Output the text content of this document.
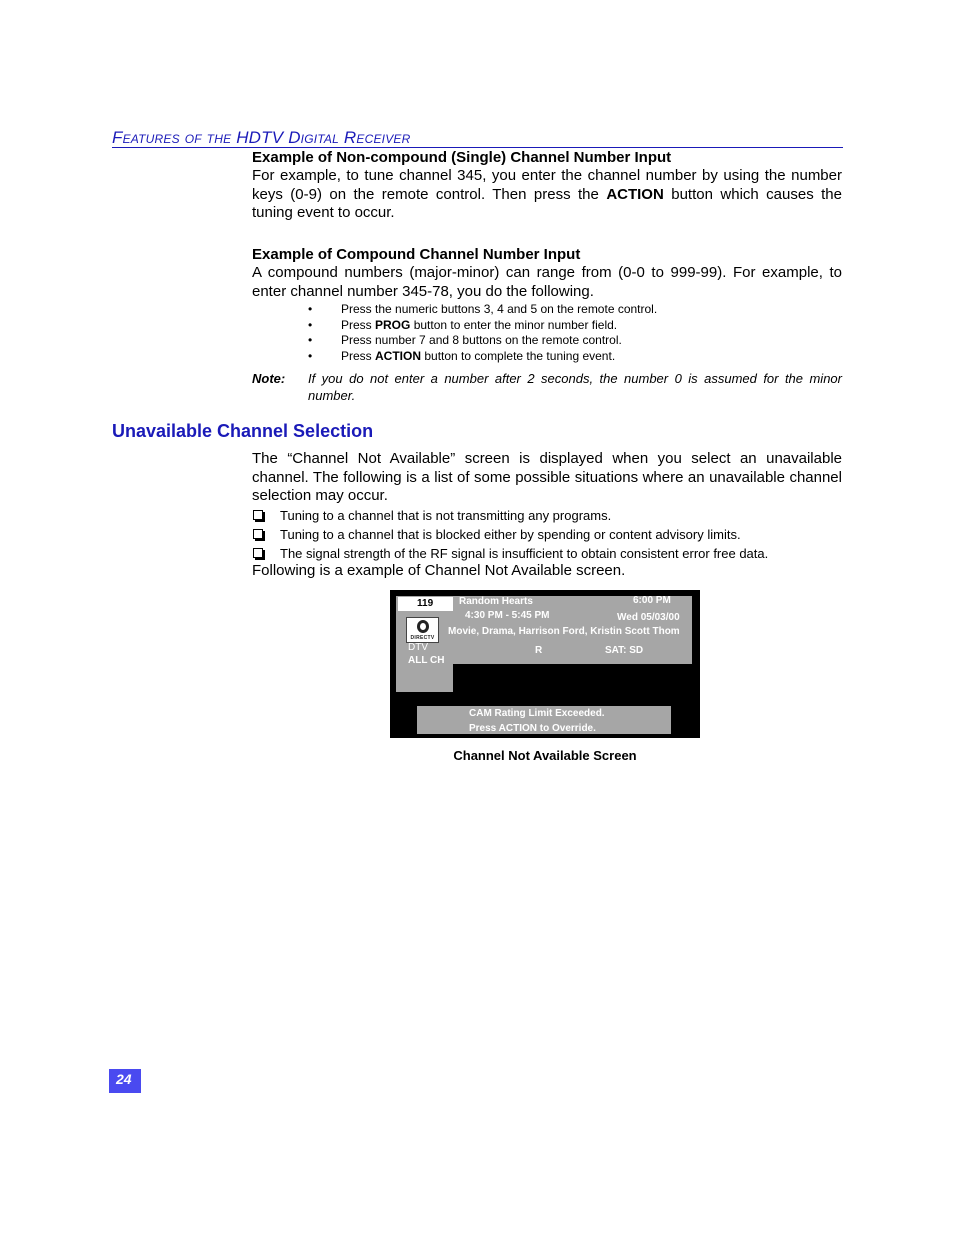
Features of the HDTV Digital Receiver
Example of Non-compound (Single) Channel Number Input

For example, to tune channel 345, you enter the channel number by using the number keys (0-9) on the remote control. Then press the ACTION button which causes the tuning event to occur.

Example of Compound Channel Number Input

A compound numbers (major-minor) can range from (0-0 to 999-99). For example, to enter channel number 345-78, you do the following.

• Press the numeric buttons 3, 4 and 5 on the remote control.
• Press PROG button to enter the minor number field.
• Press number 7 and 8 buttons on the remote control.
• Press ACTION button to complete the tuning event.
Note: If you do not enter a number after 2 seconds, the number 0 is assumed for the minor number.

Unavailable Channel Selection

The “Channel Not Available” screen is displayed when you select an unavailable channel. The following is a list of some possible situations where an unavailable channel selection may occur.

Tuning to a channel that is not transmitting any programs.
Tuning to a channel that is blocked either by spending or content advisory limits.
The signal strength of the RF signal is insufficient to obtain consistent error free data.

Following is a example of Channel Not Available screen.

119	Random Hearts	6:00 PM
4:30 PM - 5:45 PM	Wed 05/03/00
DIRECTV
Movie, Drama, Harrison Ford, Kristin Scott Thom
DTV	R	SAT: SD
ALL CH
CAM Rating Limit Exceeded.
Press ACTION to Override.
Channel Not Available Screen
24
